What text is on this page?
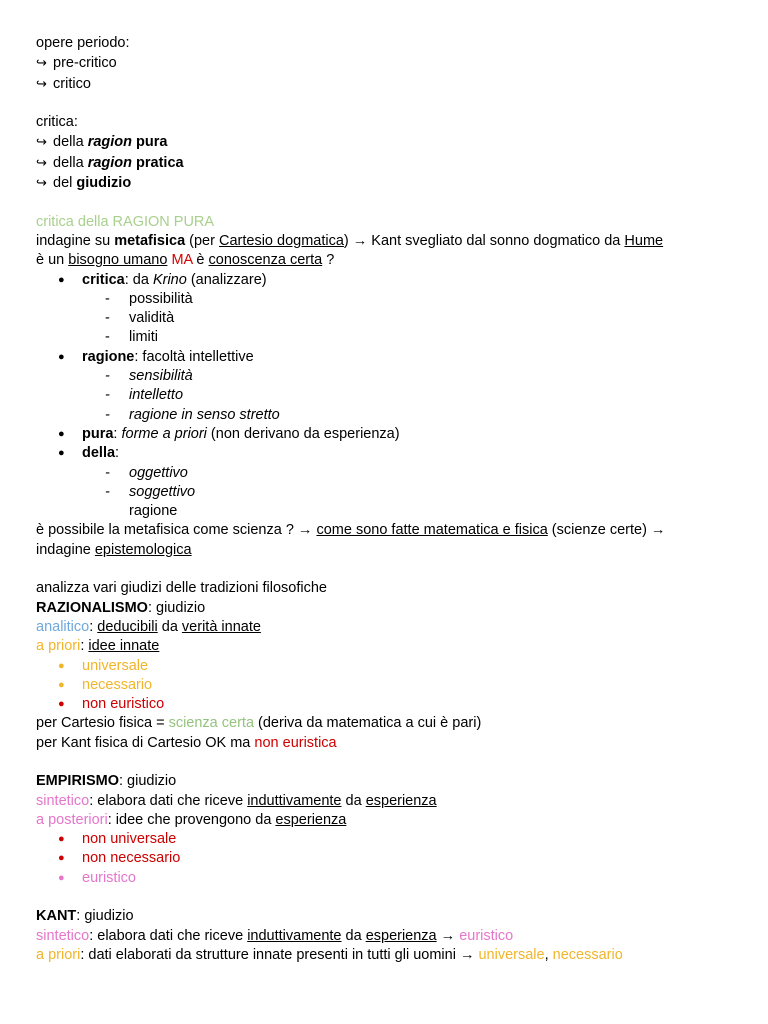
opere periodo:
↪ pre-critico
↪ critico
critica:
↪ della ragion pura
↪ della ragion pratica
↪ del giudizio
critica della RAGION PURA
indagine su metafisica (per Cartesio dogmatica) → Kant svegliato dal sonno dogmatico da Hume
è un bisogno umano MA è conoscenza certa ?
● critica: da Krino (analizzare)
- possibilità
- validità
- limiti
● ragione: facoltà intellettive
- sensibilità
- intelletto
- ragione in senso stretto
● pura: forme a priori (non derivano da esperienza)
● della:
- oggettivo
- soggettivo
ragione
è possibile la metafisica come scienza ? → come sono fatte matematica e fisica (scienze certe) →
indagine epistemologica
analizza vari giudizi delle tradizioni filosofiche
RAZIONALISMO: giudizio
analitico: deducibili da verità innate
a priori: idee innate
● universale
● necessario
● non euristico
per Cartesio fisica = scienza certa (deriva da matematica a cui è pari)
per Kant fisica di Cartesio OK ma non euristica
EMPIRISMO: giudizio
sintetico: elabora dati che riceve induttivamente da esperienza
a posteriori: idee che provengono da esperienza
● non universale
● non necessario
● euristico
KANT: giudizio
sintetico: elabora dati che riceve induttivamente da esperienza → euristico
a priori: dati elaborati da strutture innate presenti in tutti gli uomini → universale, necessario
